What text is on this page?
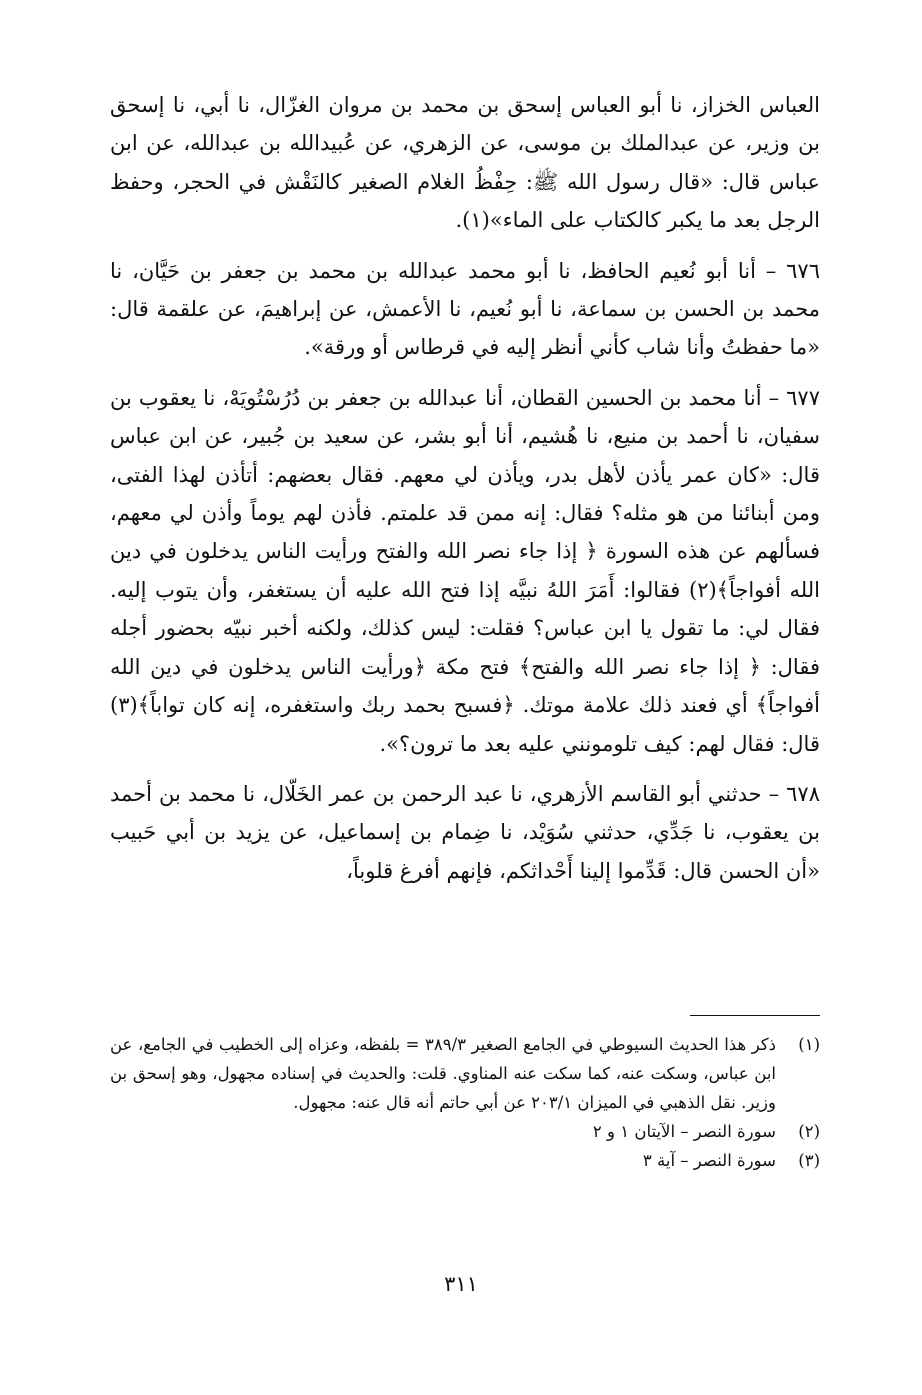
العباس الخزاز، نا أبو العباس إسحق بن محمد بن مروان الغزّال، نا أبي، نا إسحق بن وزير، عن عبدالملك بن موسى، عن الزهري، عن عُبيدالله بن عبدالله، عن ابن عباس قال: «قال رسول الله ﷺ: حِفْظُ الغلام الصغير كالنَقْش في الحجر، وحفظ الرجل بعد ما يكبر كالكتاب على الماء»(١).

٦٧٦ – أنا أبو نُعيم الحافظ، نا أبو محمد عبدالله بن محمد بن جعفر بن حَيَّان، نا محمد بن الحسن بن سماعة، نا أبو نُعيم، نا الأعمش، عن إبراهيمَ، عن علقمة قال: «ما حفظتُ وأنا شاب كأني أنظر إليه في قرطاس أو ورقة».

٦٧٧ – أنا محمد بن الحسين القطان، أنا عبدالله بن جعفر بن دُرُسْتُويَهْ، نا يعقوب بن سفيان، نا أحمد بن منيع، نا هُشيم، أنا أبو بشر، عن سعيد بن جُبير، عن ابن عباس قال: «كان عمر يأذن لأهل بدر، ويأذن لي معهم. فقال بعضهم: أتأذن لهذا الفتى، ومن أبنائنا من هو مثله؟ فقال: إنه ممن قد علمتم. فأذن لهم يوماً وأذن لي معهم، فسألهم عن هذه السورة ﴿ إذا جاء نصر الله والفتح ورأيت الناس يدخلون في دين الله أفواجاً﴾(٢) فقالوا: أَمَرَ اللهُ نبيَّه إذا فتح الله عليه أن يستغفر، وأن يتوب إليه. فقال لي: ما تقول يا ابن عباس؟ فقلت: ليس كذلك، ولكنه أخبر نبيّه بحضور أجله فقال: ﴿ إذا جاء نصر الله والفتح﴾ فتح مكة ﴿ورأيت الناس يدخلون في دين الله أفواجاً﴾ أي فعند ذلك علامة موتك. ﴿فسبح بحمد ربك واستغفره، إنه كان تواباً﴾(٣) قال: فقال لهم: كيف تلومونني عليه بعد ما ترون؟».

٦٧٨ – حدثني أبو القاسم الأزهري، نا عبد الرحمن بن عمر الخَلّال، نا محمد بن أحمد بن يعقوب، نا جَدِّي، حدثني سُوَيْد، نا ضِمام بن إسماعيل، عن يزيد بن أبي حَبيب «أن الحسن قال: قَدِّموا إلينا أَحْداثكم، فإنهم أفرغ قلوباً،

(١)
ذكر هذا الحديث السيوطي في الجامع الصغير ٣٨٩/٣ = بلفظه، وعزاه إلى الخطيب في الجامع، عن ابن عباس، وسكت عنه، كما سكت عنه المناوي. قلت: والحديث في إسناده مجهول، وهو إسحق بن وزير. نقل الذهبي في الميزان ٢٠٣/١ عن أبي حاتم أنه قال عنه: مجهول.
(٢)
سورة النصر – الآيتان ١ و ٢
(٣)
سورة النصر – آية ٣
٣١١
